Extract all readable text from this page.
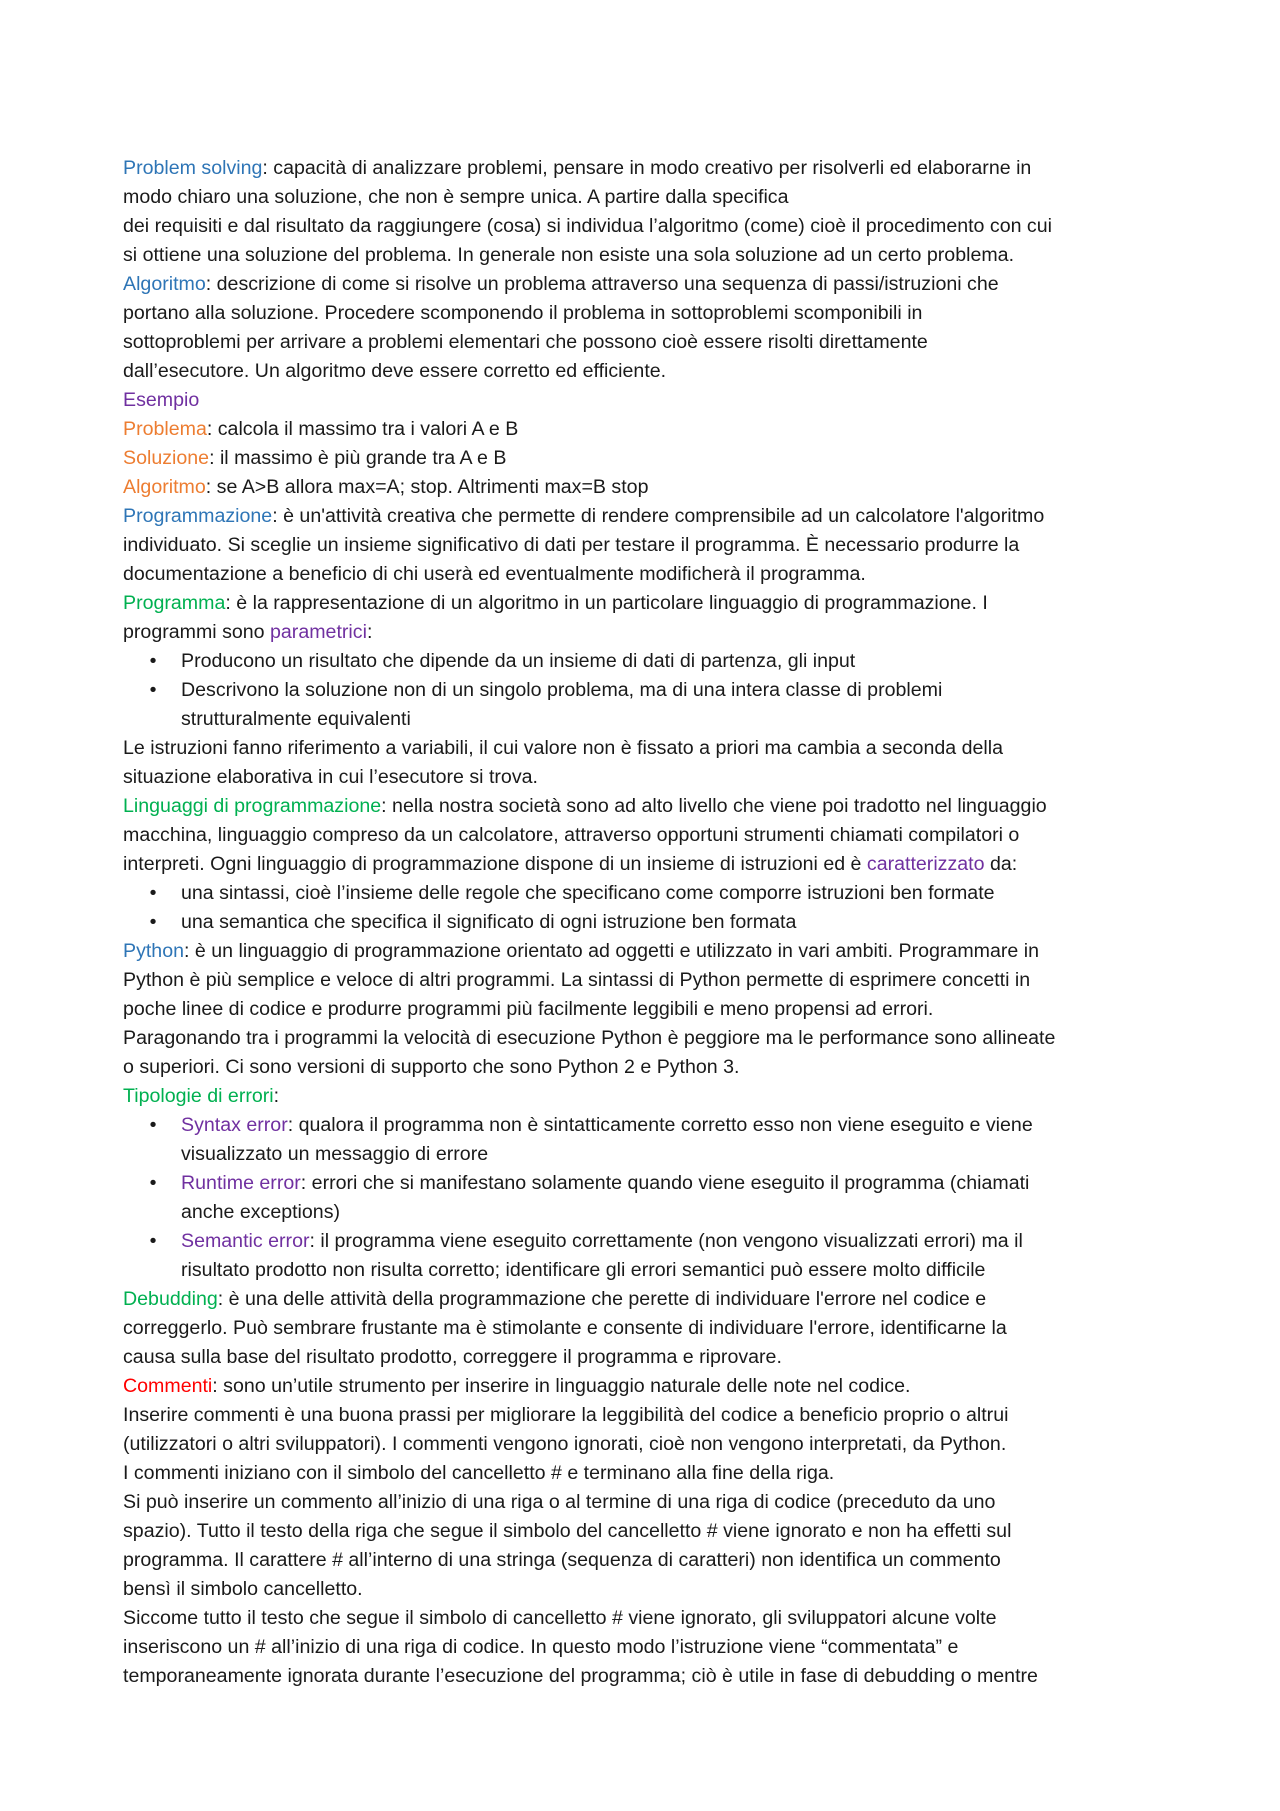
Problem solving: capacità di analizzare problemi, pensare in modo creativo per risolverli ed elaborarne in

modo chiaro una soluzione, che non è sempre unica. A partire dalla specifica

dei requisiti e dal risultato da raggiungere (cosa) si individua l’algoritmo (come) cioè il procedimento con cui

si ottiene una soluzione del problema. In generale non esiste una sola soluzione ad un certo problema.

Algoritmo: descrizione di come si risolve un problema attraverso una sequenza di passi/istruzioni che

portano alla soluzione. Procedere scomponendo il problema in sottoproblemi scomponibili in

sottoproblemi per arrivare a problemi elementari che possono cioè essere risolti direttamente

dall’esecutore. Un algoritmo deve essere corretto ed efficiente.

Esempio

Problema: calcola il massimo tra i valori A e B

Soluzione: il massimo è più grande tra A e B

Algoritmo: se A>B allora max=A; stop. Altrimenti max=B stop

Programmazione: è un'attività creativa che permette di rendere comprensibile ad un calcolatore l'algoritmo

individuato. Si sceglie un insieme significativo di dati per testare il programma. È necessario produrre la

documentazione a beneficio di chi userà ed eventualmente modificherà il programma.

Programma: è la rappresentazione di un algoritmo in un particolare linguaggio di programmazione. I

programmi sono parametrici:

•	Producono un risultato che dipende da un insieme di dati di partenza, gli input
•	Descrivono la soluzione non di un singolo problema, ma di una intera classe di problemi
strutturalmente equivalenti

Le istruzioni fanno riferimento a variabili, il cui valore non è fissato a priori ma cambia a seconda della

situazione elaborativa in cui l’esecutore si trova.

Linguaggi di programmazione: nella nostra società sono ad alto livello che viene poi tradotto nel linguaggio

macchina, linguaggio compreso da un calcolatore, attraverso opportuni strumenti chiamati compilatori o

interpreti. Ogni linguaggio di programmazione dispone di un insieme di istruzioni ed è caratterizzato da:

•	una sintassi, cioè l’insieme delle regole che specificano come comporre istruzioni ben formate
•	una semantica che specifica il significato di ogni istruzione ben formata

Python: è un linguaggio di programmazione orientato ad oggetti e utilizzato in vari ambiti. Programmare in

Python è più semplice e veloce di altri programmi. La sintassi di Python permette di esprimere concetti in

poche linee di codice e produrre programmi più facilmente leggibili e meno propensi ad errori.

Paragonando tra i programmi la velocità di esecuzione Python è peggiore ma le performance sono allineate

o superiori. Ci sono versioni di supporto che sono Python 2 e Python 3.

Tipologie di errori:

•	Syntax error: qualora il programma non è sintatticamente corretto esso non viene eseguito e viene
visualizzato un messaggio di errore
•	Runtime error: errori che si manifestano solamente quando viene eseguito il programma (chiamati
anche exceptions)
•	Semantic error: il programma viene eseguito correttamente (non vengono visualizzati errori) ma il
risultato prodotto non risulta corretto; identificare gli errori semantici può essere molto difficile

Debudding: è una delle attività della programmazione che perette di individuare l'errore nel codice e

correggerlo. Può sembrare frustante ma è stimolante e consente di individuare l'errore, identificarne la

causa sulla base del risultato prodotto, correggere il programma e riprovare.

Commenti: sono un’utile strumento per inserire in linguaggio naturale delle note nel codice.

Inserire commenti è una buona prassi per migliorare la leggibilità del codice a beneficio proprio o altrui

(utilizzatori o altri sviluppatori). I commenti vengono ignorati, cioè non vengono interpretati, da Python.

I commenti iniziano con il simbolo del cancelletto # e terminano alla fine della riga.

Si può inserire un commento all’inizio di una riga o al termine di una riga di codice (preceduto da uno

spazio). Tutto il testo della riga che segue il simbolo del cancelletto # viene ignorato e non ha effetti sul

programma. Il carattere # all’interno di una stringa (sequenza di caratteri) non identifica un commento

bensì il simbolo cancelletto.

Siccome tutto il testo che segue il simbolo di cancelletto # viene ignorato, gli sviluppatori alcune volte

inseriscono un # all’inizio di una riga di codice. In questo modo l’istruzione viene “commentata” e

temporaneamente ignorata durante l’esecuzione del programma; ciò è utile in fase di debudding o mentre
